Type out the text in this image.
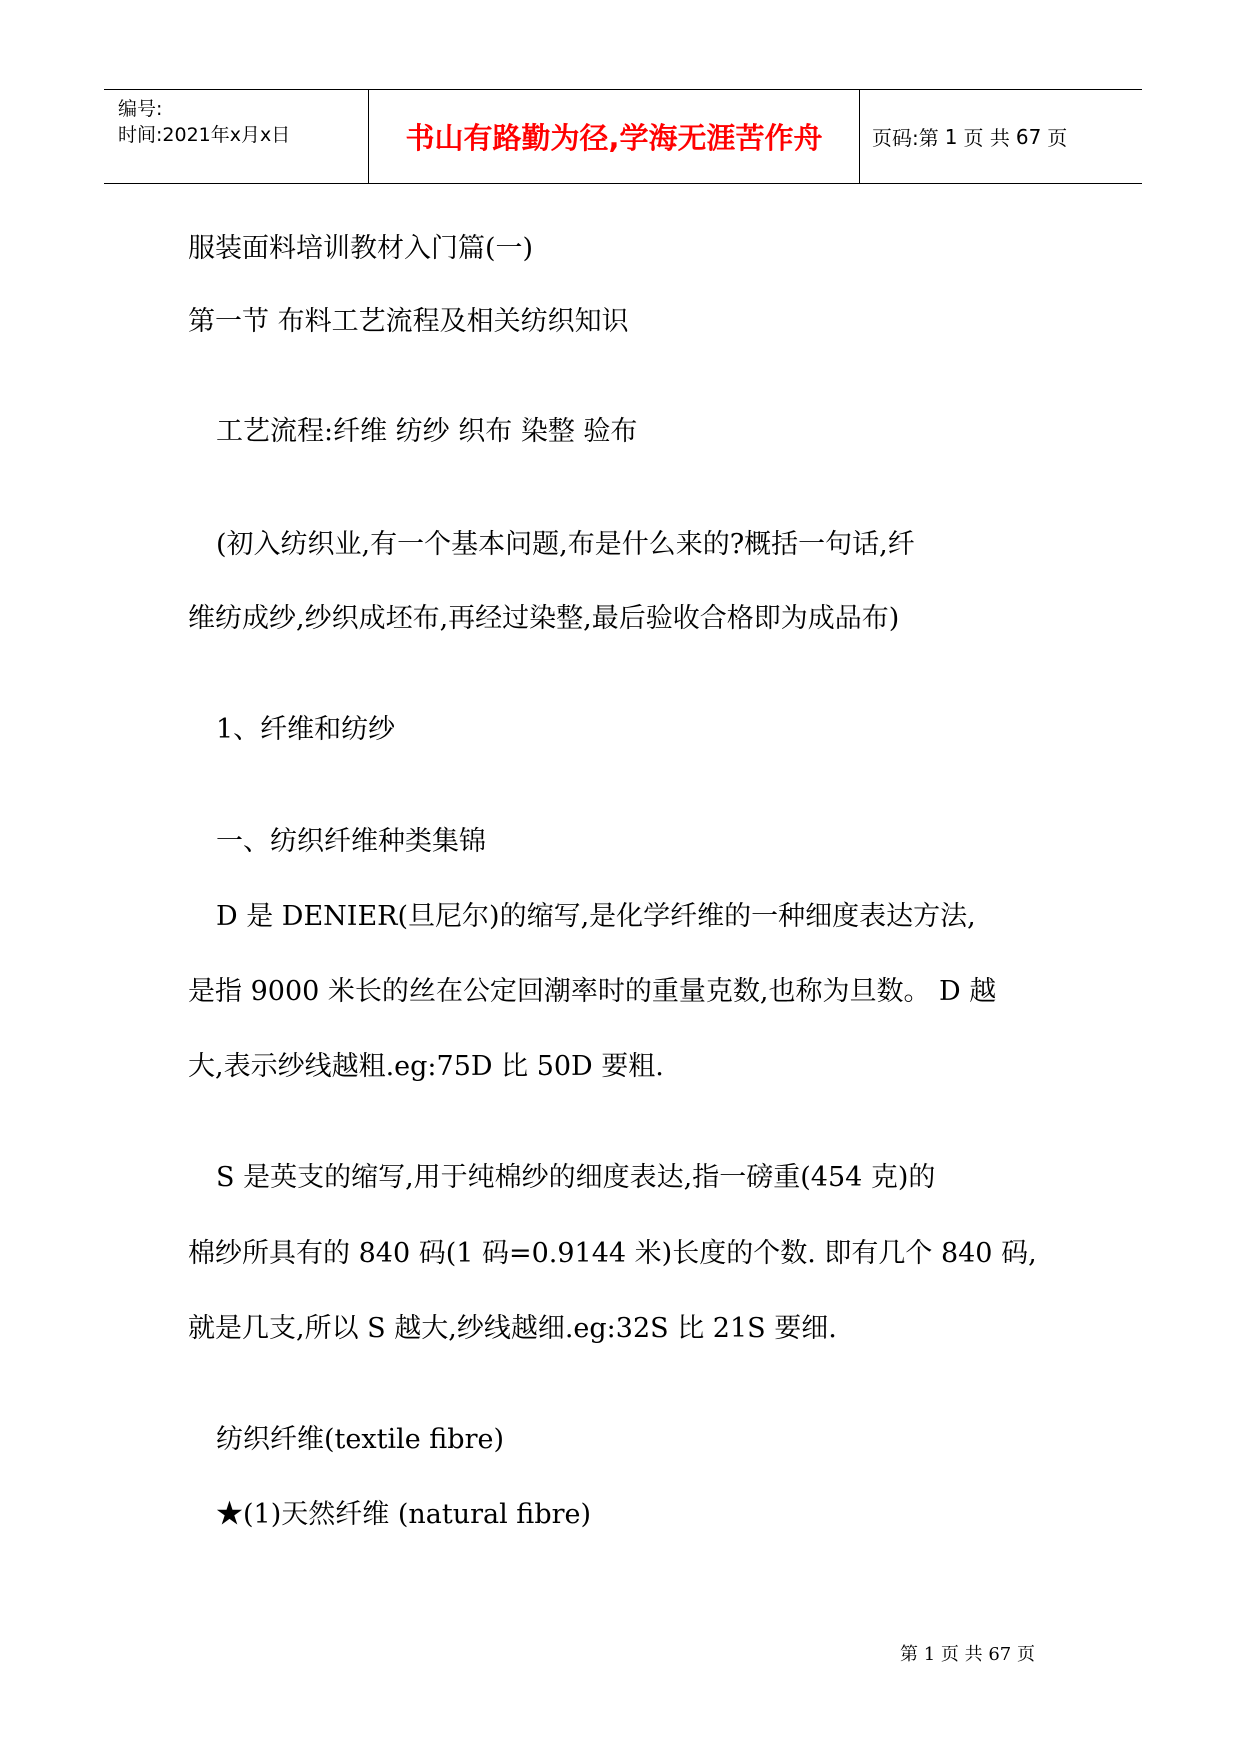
编号:
时间:2021年x月x日	书山有路勤为径,学海无涯苦作舟	页码:第 1 页 共 67 页
服装面料培训教材入门篇(一)
第一节 布料工艺流程及相关纺织知识
工艺流程:纤维 纺纱 织布 染整 验布
(初入纺织业,有一个基本问题,布是什么来的?概括一句话,纤
维纺成纱,纱织成坯布,再经过染整,最后验收合格即为成品布)
1、纤维和纺纱
一、纺织纤维种类集锦
D 是 DENIER(旦尼尔)的缩写,是化学纤维的一种细度表达方法,
是指 9000 米长的丝在公定回潮率时的重量克数,也称为旦数。 D 越
大,表示纱线越粗.eg:75D 比 50D 要粗.
S 是英支的缩写,用于纯棉纱的细度表达,指一磅重(454 克)的
棉纱所具有的 840 码(1 码=0.9144 米)长度的个数. 即有几个 840 码,
就是几支,所以 S 越大,纱线越细.eg:32S 比 21S 要细.
纺织纤维(textile fibre)
★(1)天然纤维 (natural fibre)
第 1 页 共 67 页
